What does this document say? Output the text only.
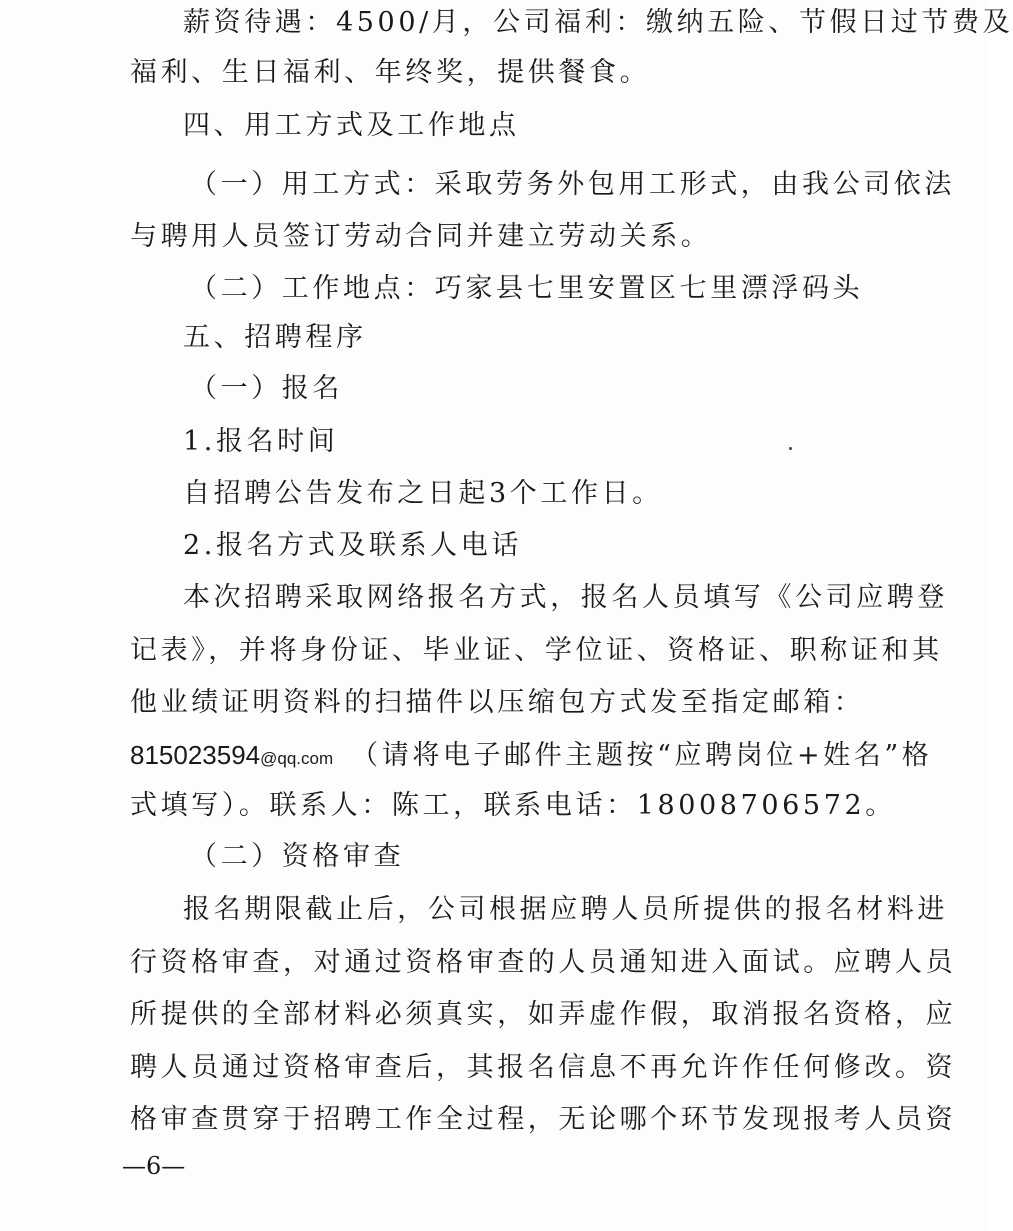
薪资待遇：4500/月，公司福利：缴纳五险、节假日过节费及
福利、生日福利、年终奖，提供餐食。
四、用工方式及工作地点
（一）用工方式：采取劳务外包用工形式，由我公司依法
与聘用人员签订劳动合同并建立劳动关系。
（二）工作地点：巧家县七里安置区七里漂浮码头
五、招聘程序
（一）报名
1.报名时间
自招聘公告发布之日起3个工作日。
2.报名方式及联系人电话
本次招聘采取网络报名方式，报名人员填写《公司应聘登
记表》，并将身份证、毕业证、学位证、资格证、职称证和其
他业绩证明资料的扫描件以压缩包方式发至指定邮箱：
815023594@qq.com （请将电子邮件主题按“应聘岗位+姓名”格
式填写）。联系人：陈工，联系电话：18008706572。
（二）资格审查
报名期限截止后，公司根据应聘人员所提供的报名材料进
行资格审查，对通过资格审查的人员通知进入面试。应聘人员
所提供的全部材料必须真实，如弄虚作假，取消报名资格，应
聘人员通过资格审查后，其报名信息不再允许作任何修改。资
格审查贯穿于招聘工作全过程，无论哪个环节发现报考人员资
—6—
